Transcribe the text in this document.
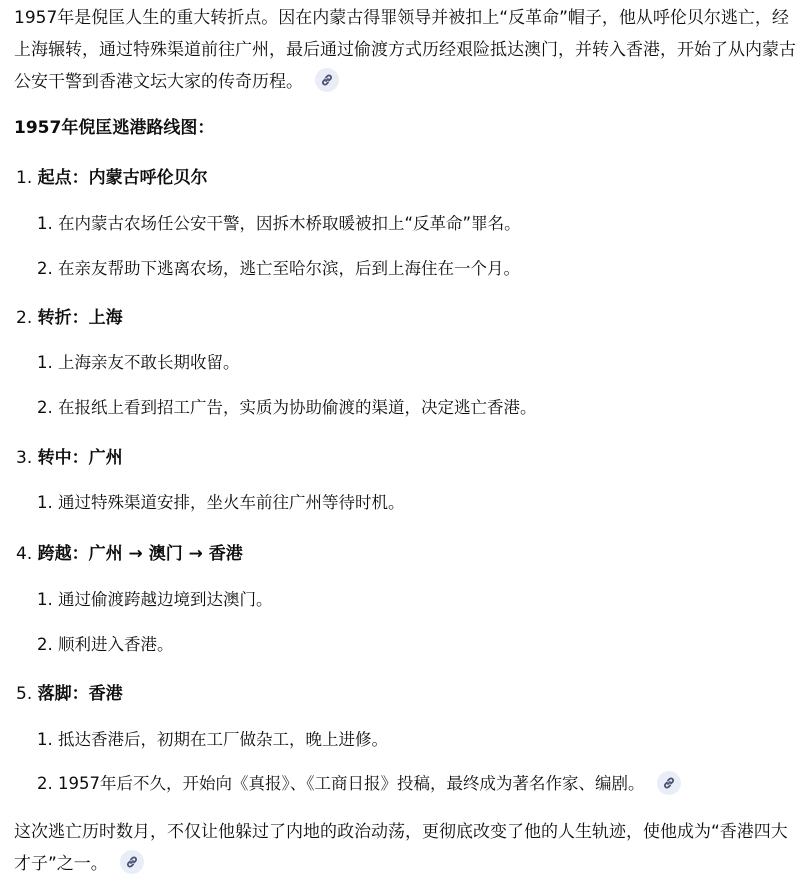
1957年是倪匡人生的重大转折点。因在内蒙古得罪领导并被扣上“反革命”帽子，他从呼伦贝尔逃亡，经上海辗转，通过特殊渠道前往广州，最后通过偷渡方式历经艰险抵达澳门，并转入香港，开始了从内蒙古公安干警到香港文坛大家的传奇历程。

1957年倪匡逃港路线图：

1. 起点：内蒙古呼伦贝尔
1. 在内蒙古农场任公安干警，因拆木桥取暖被扣上“反革命”罪名。
2. 在亲友帮助下逃离农场，逃亡至哈尔滨，后到上海住在一个月。
2. 转折：上海
1. 上海亲友不敢长期收留。
2. 在报纸上看到招工广告，实质为协助偷渡的渠道，决定逃亡香港。
3. 转中：广州
1. 通过特殊渠道安排，坐火车前往广州等待时机。
4. 跨越：广州 → 澳门 → 香港
1. 通过偷渡跨越边境到达澳门。
2. 顺利进入香港。
5. 落脚：香港
1. 抵达香港后，初期在工厂做杂工，晚上进修。
2. 1957年后不久，开始向《真报》、《工商日报》投稿，最终成为著名作家、编剧。

这次逃亡历时数月，不仅让他躲过了内地的政治动荡，更彻底改变了他的人生轨迹，使他成为“香港四大才子”之一。
